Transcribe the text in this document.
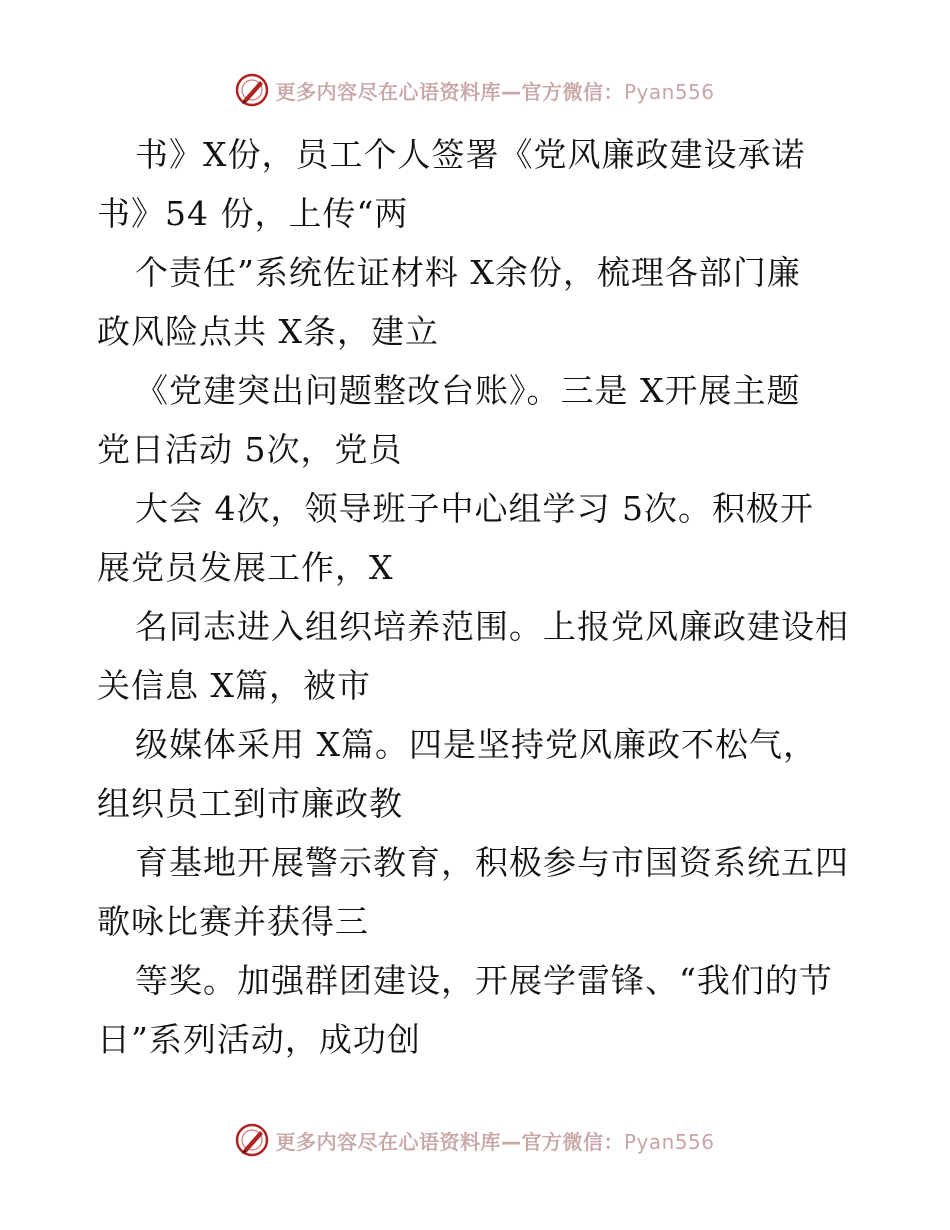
更多内容尽在心语资料库—官方微信：Pyan556
书》X份，员工个人签署《党风廉政建设承诺
书》54 份，上传“两
个责任”系统佐证材料 X余份，梳理各部门廉
政风险点共 X条，建立
《党建突出问题整改台账》。三是 X开展主题
党日活动 5次，党员
大会 4次，领导班子中心组学习 5次。积极开
展党员发展工作，X
名同志进入组织培养范围。上报党风廉政建设相
关信息 X篇，被市
级媒体采用 X篇。四是坚持党风廉政不松气，
组织员工到市廉政教
育基地开展警示教育，积极参与市国资系统五四
歌咏比赛并获得三
等奖。加强群团建设，开展学雷锋、“我们的节
日”系列活动，成功创
更多内容尽在心语资料库—官方微信：Pyan556
